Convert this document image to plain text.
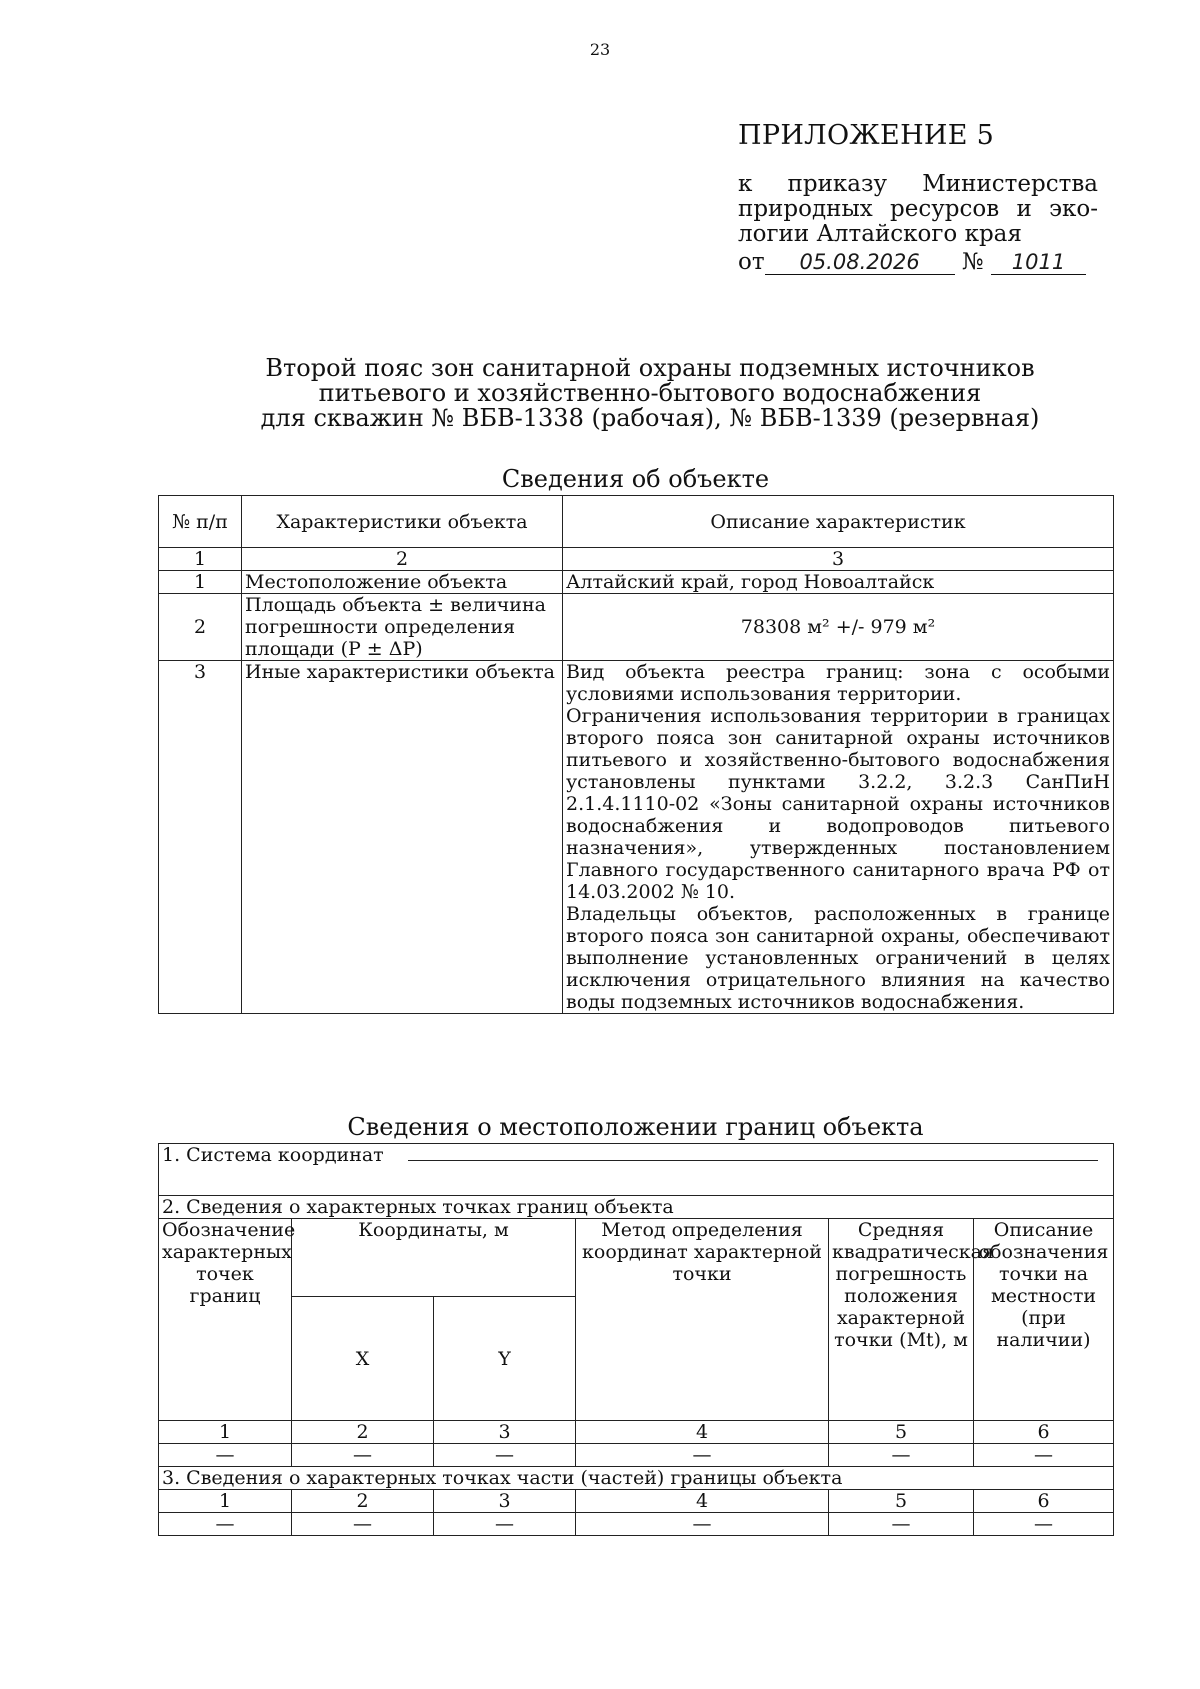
23
ПРИЛОЖЕНИЕ 5
к приказу Министерства
природных ресурсов и эко-
логии Алтайского края
от 05.08.2026 № 1011
Второй пояс зон санитарной охраны подземных источников
питьевого и хозяйственно-бытового водоснабжения
для скважин № ВБВ-1338 (рабочая), № ВБВ-1339 (резервная)
Сведения об объекте
№ п/п	Характеристики объекта	Описание характеристик
1	2	3
1	Местоположение объекта	Алтайский край, город Новоалтайск
2	Площадь объекта ± величина погрешности определения площади (P ± ΔP)	78308 м² +/- 979 м²
3	Иные характеристики объекта	Вид объекта реестра границ: зона с особыми условиями использования территории.
Ограничения использования территории в границах второго пояса зон санитарной охраны источников питьевого и хозяйственно-бытового водоснабжения установлены пунктами 3.2.2, 3.2.3 СанПиН 2.1.4.1110-02 «Зоны санитарной охраны источников водоснабжения и водопроводов питьевого назначения», утвержденных постановлением Главного государственного санитарного врача РФ от 14.03.2002 № 10.
Владельцы объектов, расположенных в границе второго пояса зон санитарной охраны, обеспечивают выполнение установленных ограничений в целях исключения отрицательного влияния на качество воды подземных источников водоснабжения.
Сведения о местоположении границ объекта
1. Система координат					

2. Сведения о характерных точках границ объекта					
Обозначение характерных точек границ	Координаты, м		Метод определения координат характерной точки	Средняя квадратическая погрешность положения характерной точки (Mt), м	Описание обозначения точки на местности (при наличии)
	X	Y			
1	2	3	4	5	6
—	—	—	—	—	—
3. Сведения о характерных точках части (частей) границы объекта					
1	2	3	4	5	6
—	—	—	—	—	—
